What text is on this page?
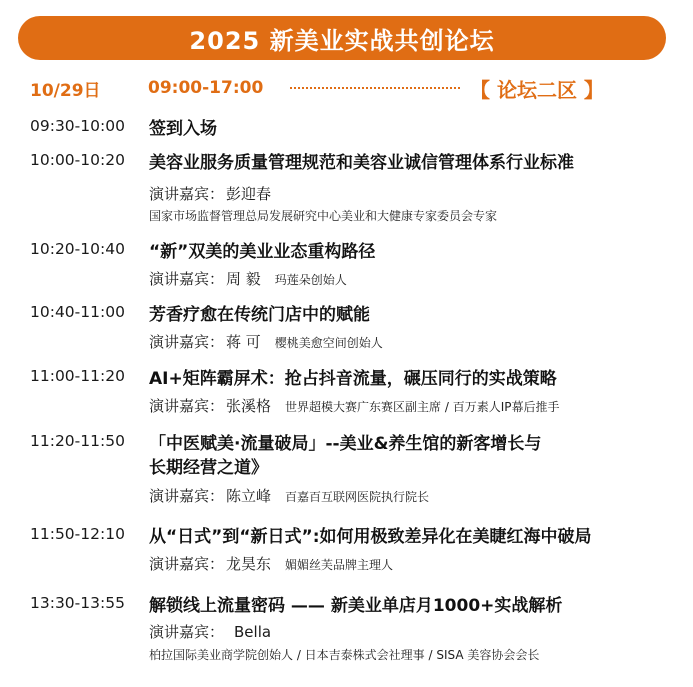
2025 新美业实战共创论坛
10/29日	09:00-17:00	【 论坛二区 】
09:30-10:00	签到入场
10:00-10:20	美容业服务质量管理规范和美容业诚信管理体系行业标准
演讲嘉宾： 彭迎春
国家市场监督管理总局发展研究中心美业和大健康专家委员会专家
10:20-10:40	“新”双美的美业业态重构路径
演讲嘉宾： 周 毅 玛莲朵创始人
10:40-11:00	芳香疗愈在传统门店中的赋能
演讲嘉宾： 蒋 可 樱桃美愈空间创始人
11:00-11:20	AI+矩阵霸屏术：抢占抖音流量，碾压同行的实战策略
演讲嘉宾： 张溪格 世界超模大赛广东赛区副主席 / 百万素人IP幕后推手
11:20-11:50	「中医赋美·流量破局」--美业&养生馆的新客增长与
长期经营之道》
演讲嘉宾： 陈立峰 百嘉百互联网医院执行院长
11:50-12:10	从“日式”到“新日式”:如何用极致差异化在美睫红海中破局
演讲嘉宾： 龙昊东 媚媚丝芙品牌主理人
13:30-13:55	解锁线上流量密码 —— 新美业单店月1000+实战解析
演讲嘉宾： Bella
柏拉国际美业商学院创始人 / 日本吉泰株式会社理事 / SISA 美容协会会长
